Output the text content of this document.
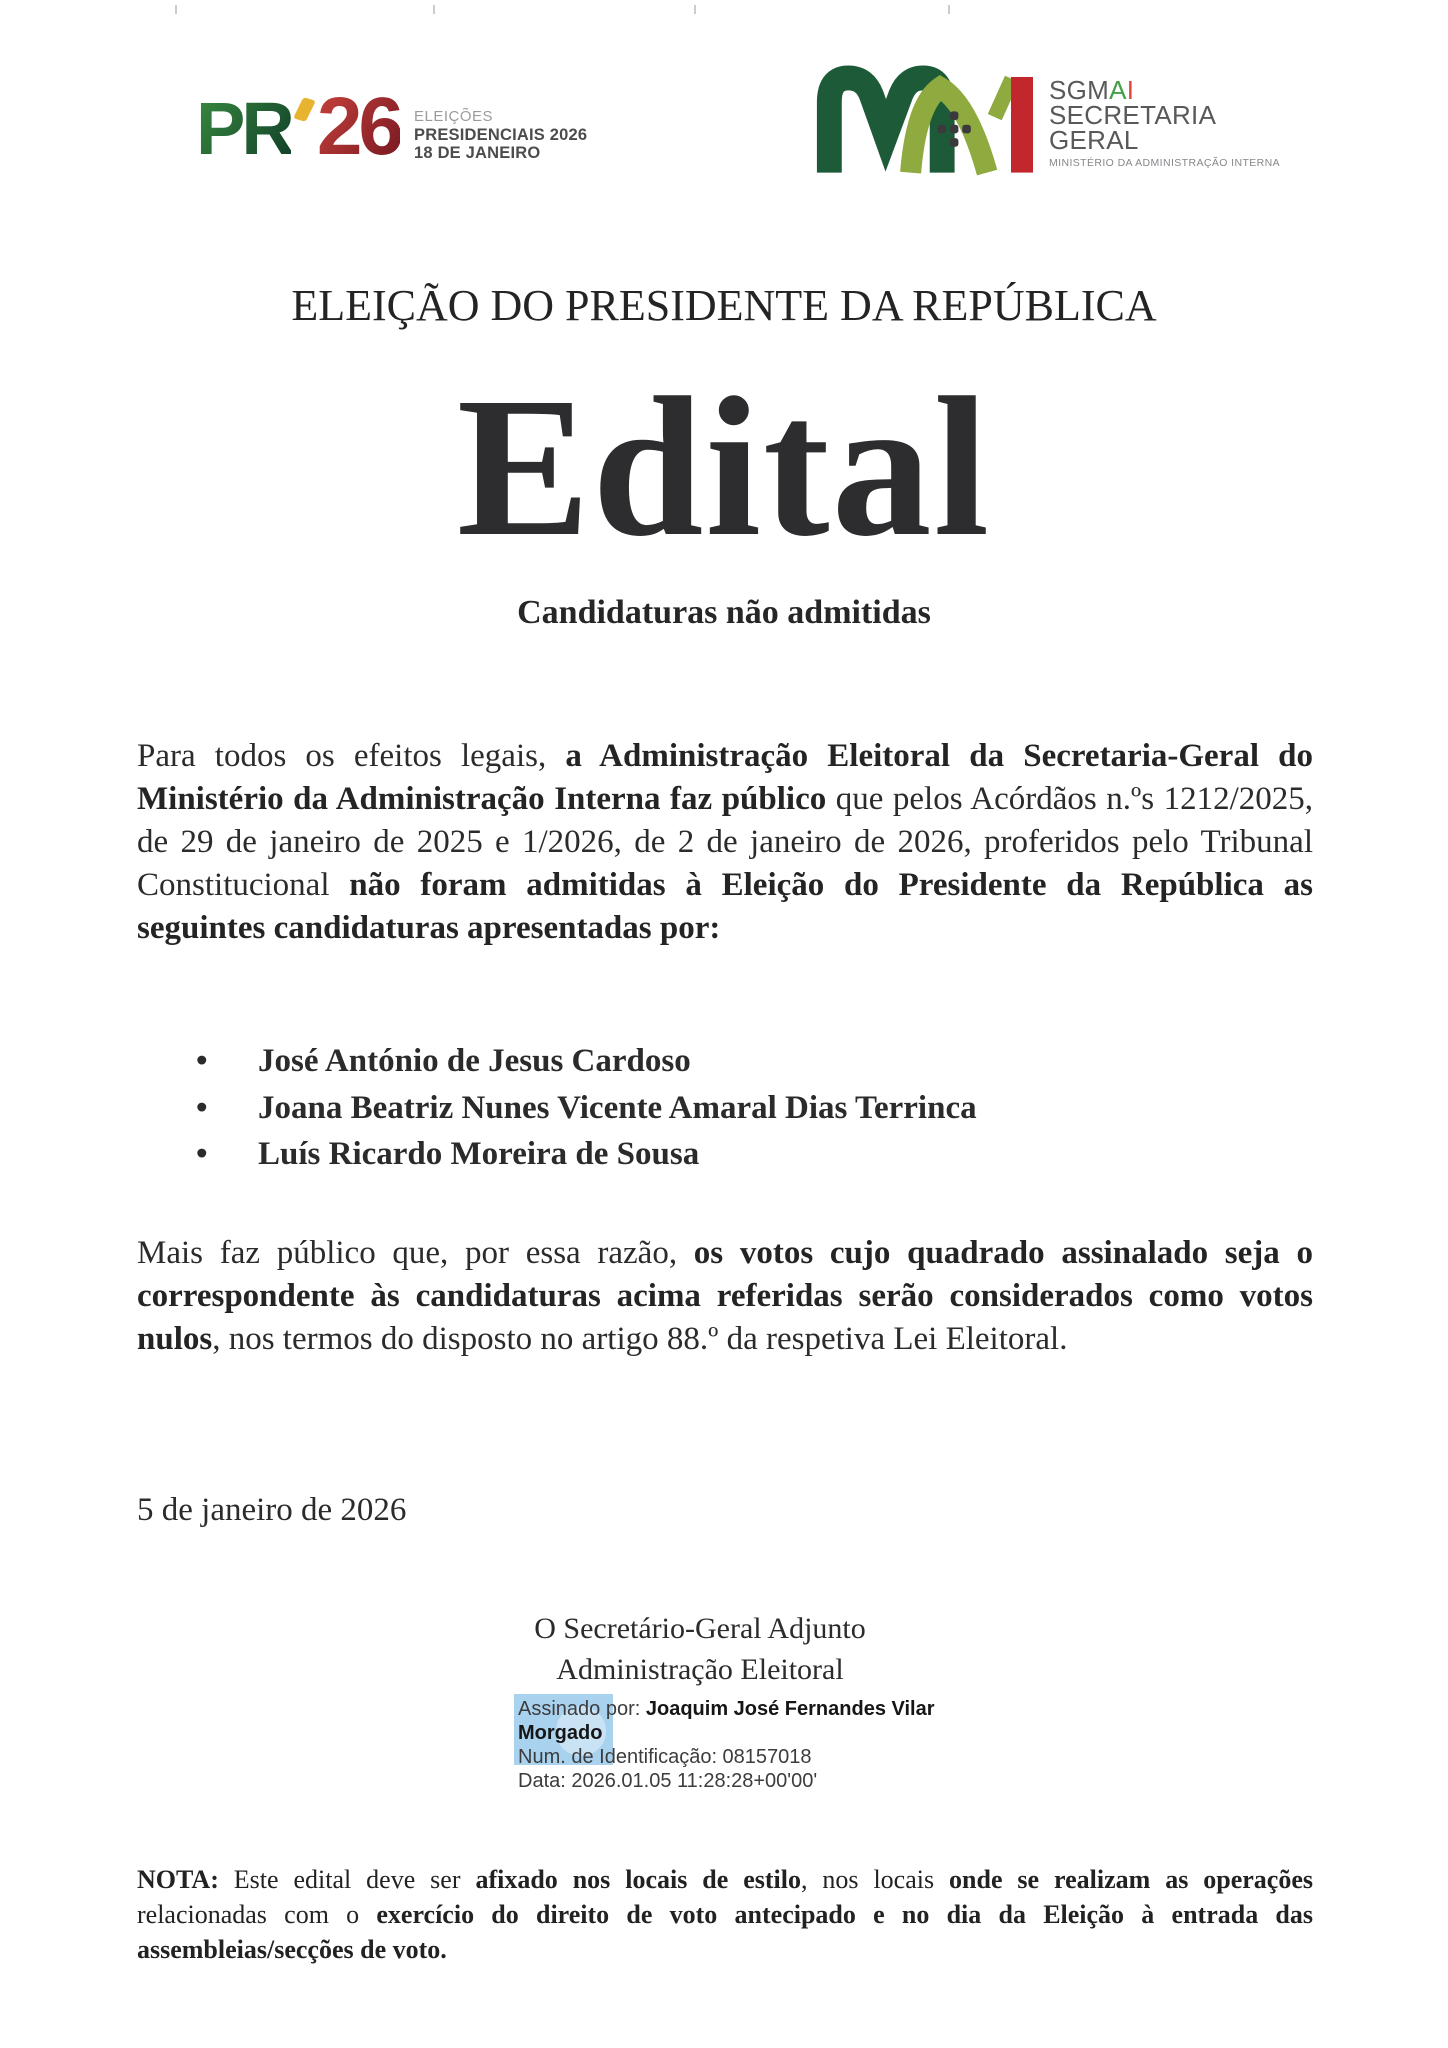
PR 26 ELEIÇÕES
PRESIDENCIAIS 2026
18 DE JANEIRO
SGMAI
SECRETARIA
GERAL
MINISTÉRIO DA ADMINISTRAÇÃO INTERNA
ELEIÇÃO DO PRESIDENTE DA REPÚBLICA
Edital
Candidaturas não admitidas

Para todos os efeitos legais, a Administração Eleitoral da Secretaria-Geral do Ministério da Administração Interna faz público que pelos Acórdãos n.ºs 1212/2025, de 29 de janeiro de 2025 e 1/2026, de 2 de janeiro de 2026, proferidos pelo Tribunal Constitucional não foram admitidas à Eleição do Presidente da República as seguintes candidaturas apresentadas por:

• José António de Jesus Cardoso
• Joana Beatriz Nunes Vicente Amaral Dias Terrinca
• Luís Ricardo Moreira de Sousa

Mais faz público que, por essa razão, os votos cujo quadrado assinalado seja o correspondente às candidaturas acima referidas serão considerados como votos nulos, nos termos do disposto no artigo 88.º da respetiva Lei Eleitoral.

5 de janeiro de 2026
O Secretário-Geral Adjunto
Administração Eleitoral
Assinado por: Joaquim José Fernandes Vilar
Morgado
Num. de Identificação: 08157018
Data: 2026.01.05 11:28:28+00'00'

NOTA: Este edital deve ser afixado nos locais de estilo, nos locais onde se realizam as operações relacionadas com o exercício do direito de voto antecipado e no dia da Eleição à entrada das assembleias/secções de voto.
